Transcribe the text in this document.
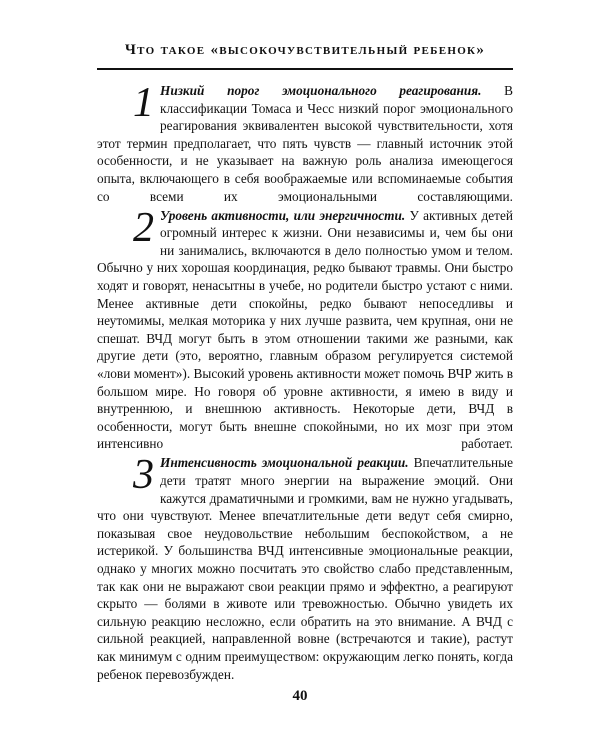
Что такое «высокочувствительный ребенок»

1 Низкий порог эмоционального реагирования. В классификации Томаса и Чесс низкий порог эмоционального реагирования эквивалентен высокой чувствительности, хотя этот термин предполагает, что пять чувств — главный источник этой особенности, и не указывает на важную роль анализа имеющегося опыта, включающего в себя воображаемые или вспоминаемые события со всеми их эмоциональными составляющими.

2 Уровень активности, или энергичности. У активных детей огромный интерес к жизни. Они независимы и, чем бы они ни занимались, включаются в дело полностью умом и телом. Обычно у них хорошая координация, редко бывают травмы. Они быстро ходят и говорят, ненасытны в учебе, но родители быстро устают с ними. Менее активные дети спокойны, редко бывают непоседливы и неутомимы, мелкая моторика у них лучше развита, чем крупная, они не спешат. ВЧД могут быть в этом отношении такими же разными, как другие дети (это, вероятно, главным образом регулируется системой «лови момент»). Высокий уровень активности может помочь ВЧР жить в большом мире. Но говоря об уровне активности, я имею в виду и внутреннюю, и внешнюю активность. Некоторые дети, ВЧД в особенности, могут быть внешне спокойными, но их мозг при этом интенсивно работает.

3 Интенсивность эмоциональной реакции. Впечатлительные дети тратят много энергии на выражение эмоций. Они кажутся драматичными и громкими, вам не нужно угадывать, что они чувствуют. Менее впечатлительные дети ведут себя смирно, показывая свое неудовольствие небольшим беспокойством, а не истерикой. У большинства ВЧД интенсивные эмоциональные реакции, однако у многих можно посчитать это свойство слабо представленным, так как они не выражают свои реакции прямо и эффектно, а реагируют скрыто — болями в животе или тревожностью. Обычно увидеть их сильную реакцию несложно, если обратить на это внимание. А ВЧД с сильной реакцией, направленной вовне (встречаются и такие), растут как минимум с одним преимуществом: окружающим легко понять, когда ребенок перевозбужден.

40
